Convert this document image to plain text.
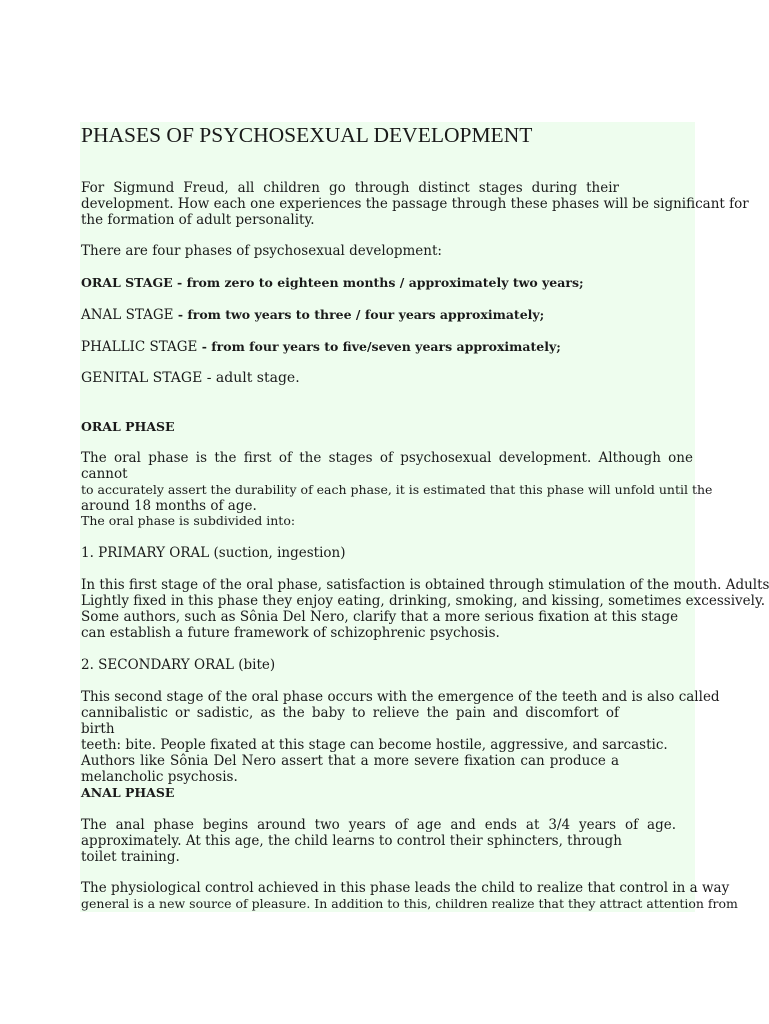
PHASES OF PSYCHOSEXUAL DEVELOPMENT

For Sigmund Freud, all children go through distinct stages during their
development. How each one experiences the passage through these phases will be significant for
the formation of adult personality.

There are four phases of psychosexual development:

ORAL STAGE - from zero to eighteen months / approximately two years;

ANAL STAGE - from two years to three / four years approximately;

PHALLIC STAGE - from four years to five/seven years approximately;

GENITAL STAGE - adult stage.

ORAL PHASE

The oral phase is the first of the stages of psychosexual development. Although one cannot
to accurately assert the durability of each phase, it is estimated that this phase will unfold until the
around 18 months of age.

The oral phase is subdivided into:

1. PRIMARY ORAL (suction, ingestion)

In this first stage of the oral phase, satisfaction is obtained through stimulation of the mouth. Adults
Lightly fixed in this phase they enjoy eating, drinking, smoking, and kissing, sometimes excessively.
Some authors, such as Sônia Del Nero, clarify that a more serious fixation at this stage
can establish a future framework of schizophrenic psychosis.

2. SECONDARY ORAL (bite)

This second stage of the oral phase occurs with the emergence of the teeth and is also called
cannibalistic or sadistic, as the baby to relieve the pain and discomfort of birth
teeth: bite. People fixated at this stage can become hostile, aggressive, and sarcastic.
Authors like Sônia Del Nero assert that a more severe fixation can produce a
melancholic psychosis.

ANAL PHASE

The anal phase begins around two years of age and ends at 3/4 years of age.
approximately. At this age, the child learns to control their sphincters, through
toilet training.

The physiological control achieved in this phase leads the child to realize that control in a way
general is a new source of pleasure. In addition to this, children realize that they attract attention from
